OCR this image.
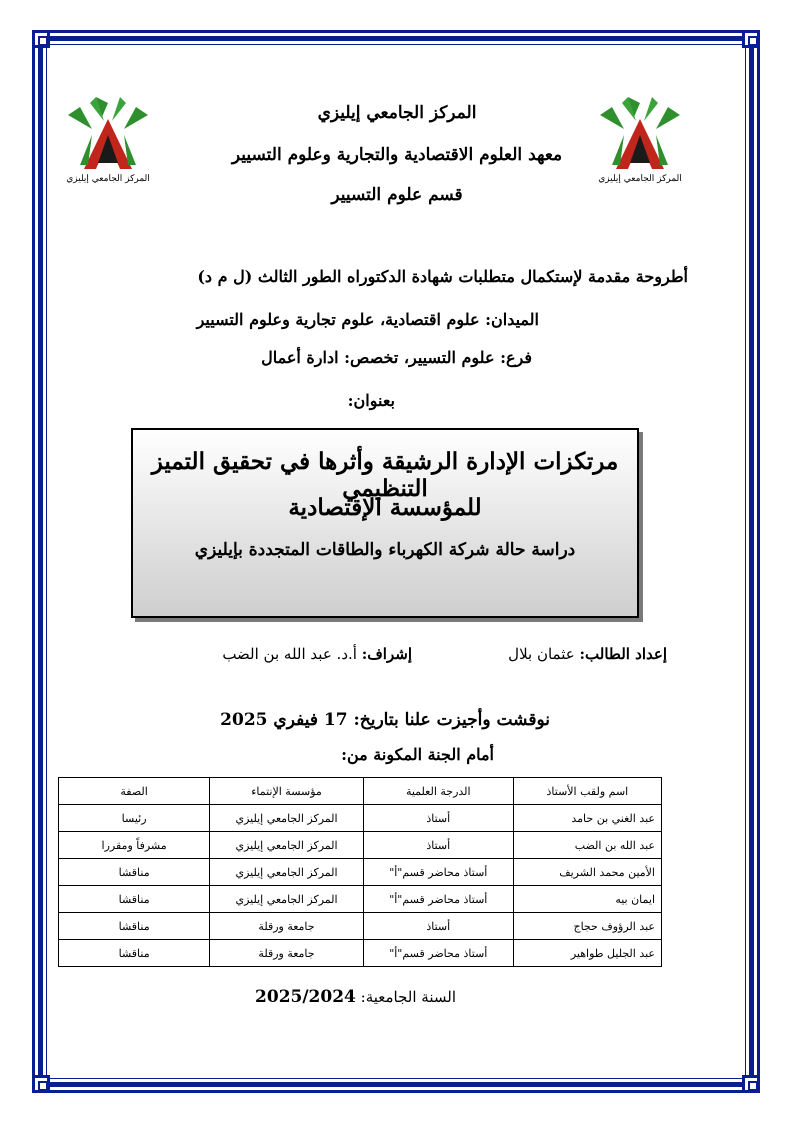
المركز الجامعي إيليزي	المركز الجامعي إيليزي
المركز الجامعي إيليزي
معهد العلوم الاقتصادية والتجارية وعلوم التسيير
قسم علوم التسيير
أطروحة مقدمة لإستكمال متطلبات شهادة الدكتوراه الطور الثالث (ل م د)
الميدان: علوم اقتصادية، علوم تجارية وعلوم التسيير
فرع: علوم التسيير، تخصص: ادارة أعمال
بعنوان:
مرتكزات الإدارة الرشيقة وأثرها في تحقيق التميز التنظيمي
للمؤسسة الإقتصادية
دراسة حالة شركة الكهرباء والطاقات المتجددة بإيليزي
إعداد الطالب: عثمان بلال
إشراف: أ.د. عبد الله بن الضب
نوقشت وأجيزت علنا بتاريخ: 17 فيفري 2025
أمام الجنة المكونة من:
اسم ولقب الأستاذ	الدرجة العلمية	مؤسسة الإنتماء	الصفة
عبد الغني بن حامد	أستاذ	المركز الجامعي إيليزي	رئيسا
عبد الله بن الضب	أستاذ	المركز الجامعي إيليزي	مشرفاً ومقررا
الأمين محمد الشريف	أستاذ محاضر قسم"أ"	المركز الجامعي إيليزي	مناقشا
ايمان بيه	أستاذ محاضر قسم"أ"	المركز الجامعي إيليزي	مناقشا
عبد الرؤوف حجاج	أستاذ	جامعة ورقلة	مناقشا
عبد الجليل طواهير	أستاذ محاضر قسم"أ"	جامعة ورقلة	مناقشا
السنة الجامعية: 2025/2024
